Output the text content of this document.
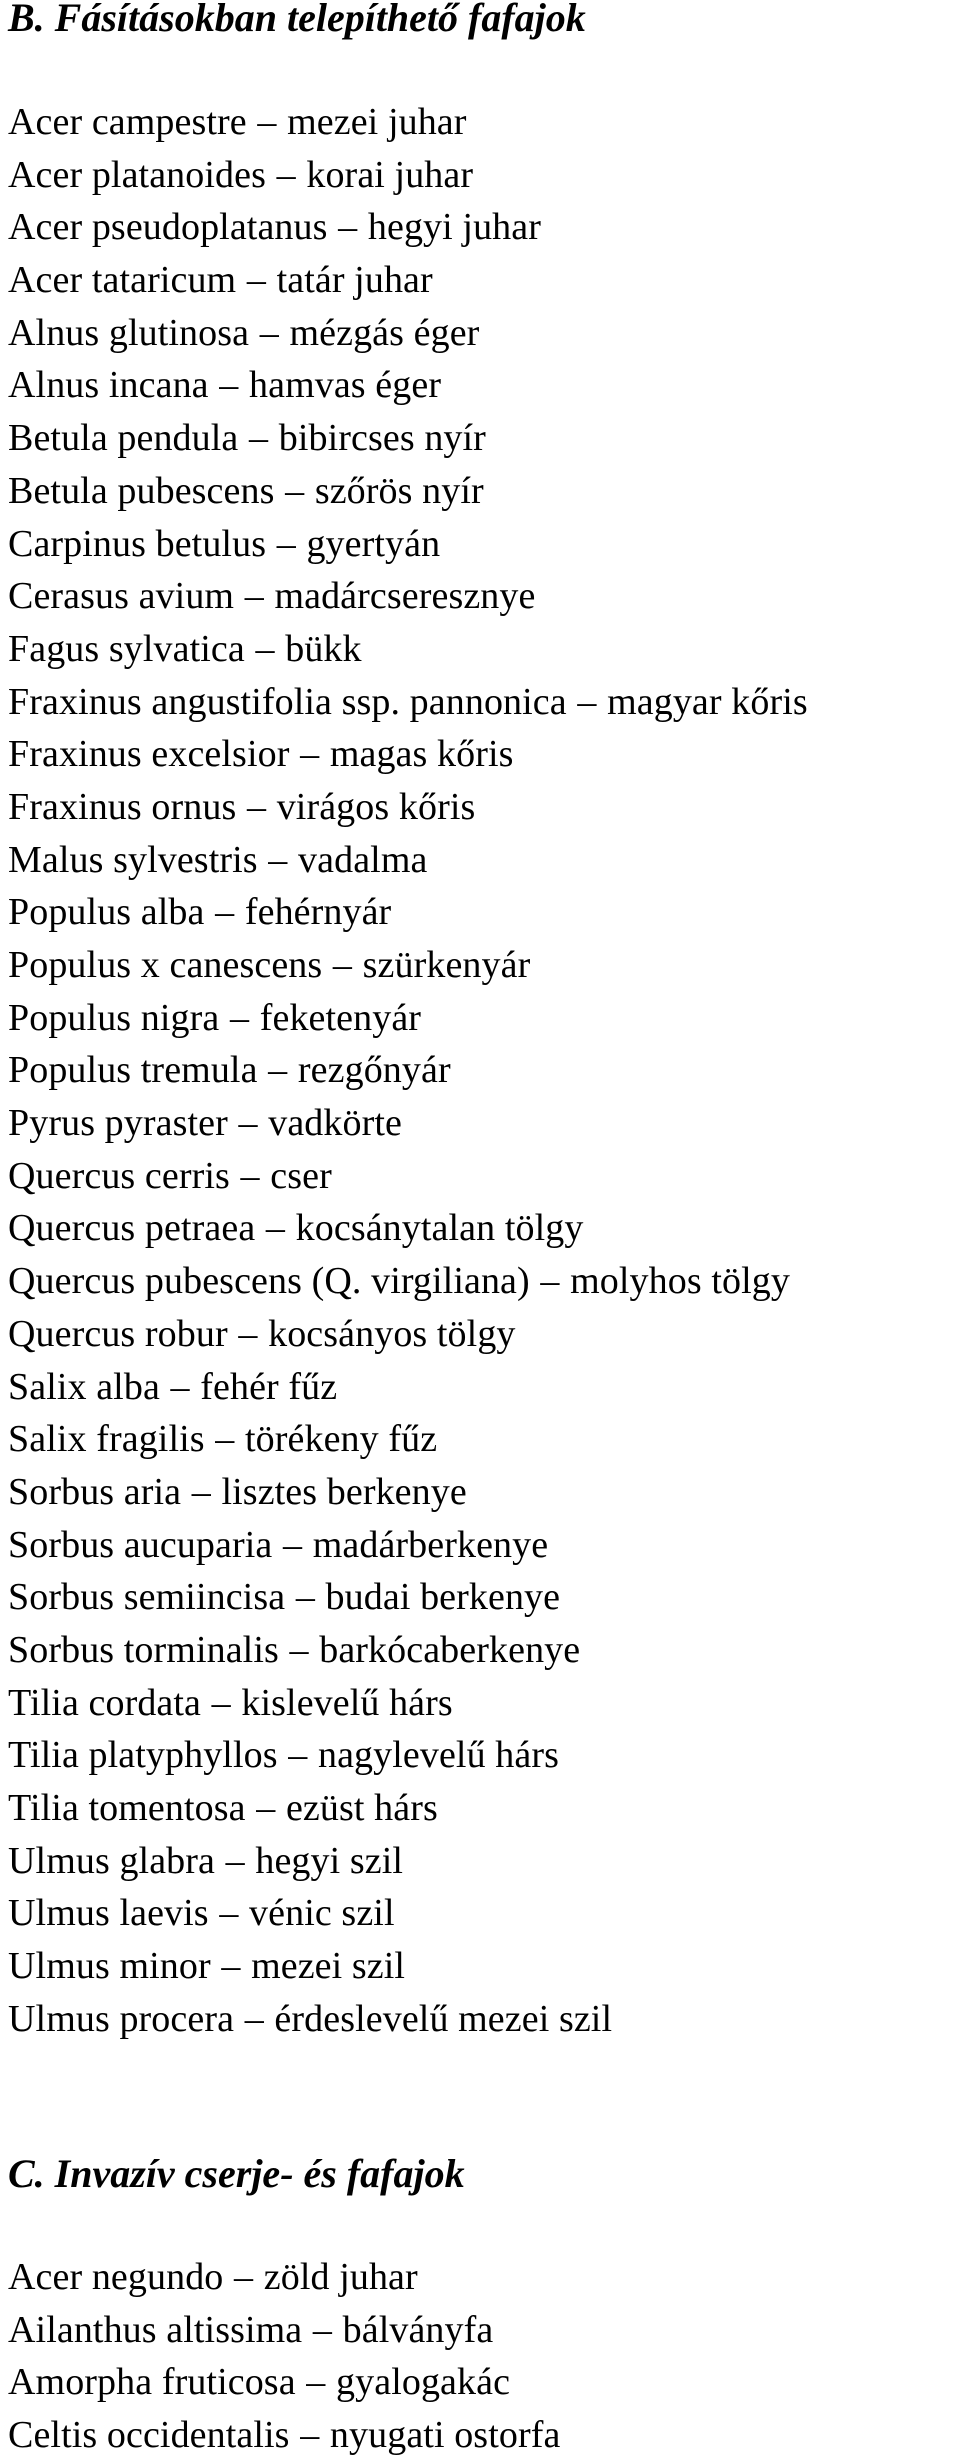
B. Fásításokban telepíthető fafajok
Acer campestre – mezei juhar
Acer platanoides – korai juhar
Acer pseudoplatanus – hegyi juhar
Acer tataricum – tatár juhar
Alnus glutinosa – mézgás éger
Alnus incana – hamvas éger
Betula pendula – bibircses nyír
Betula pubescens – szőrös nyír
Carpinus betulus – gyertyán
Cerasus avium – madárcseresznye
Fagus sylvatica – bükk
Fraxinus angustifolia ssp. pannonica – magyar kőris
Fraxinus excelsior – magas kőris
Fraxinus ornus – virágos kőris
Malus sylvestris – vadalma
Populus alba – fehérnyár
Populus x canescens – szürkenyár
Populus nigra – feketenyár
Populus tremula – rezgőnyár
Pyrus pyraster – vadkörte
Quercus cerris – cser
Quercus petraea – kocsánytalan tölgy
Quercus pubescens (Q. virgiliana) – molyhos tölgy
Quercus robur – kocsányos tölgy
Salix alba – fehér fűz
Salix fragilis – törékeny fűz
Sorbus aria – lisztes berkenye
Sorbus aucuparia – madárberkenye
Sorbus semiincisa – budai berkenye
Sorbus torminalis – barkócaberkenye
Tilia cordata – kislevelű hárs
Tilia platyphyllos – nagylevelű hárs
Tilia tomentosa – ezüst hárs
Ulmus glabra – hegyi szil
Ulmus laevis – vénic szil
Ulmus minor – mezei szil
Ulmus procera – érdeslevelű mezei szil
C. Invazív cserje- és fafajok
Acer negundo – zöld juhar
Ailanthus altissima – bálványfa
Amorpha fruticosa – gyalogakác
Celtis occidentalis – nyugati ostorfa
